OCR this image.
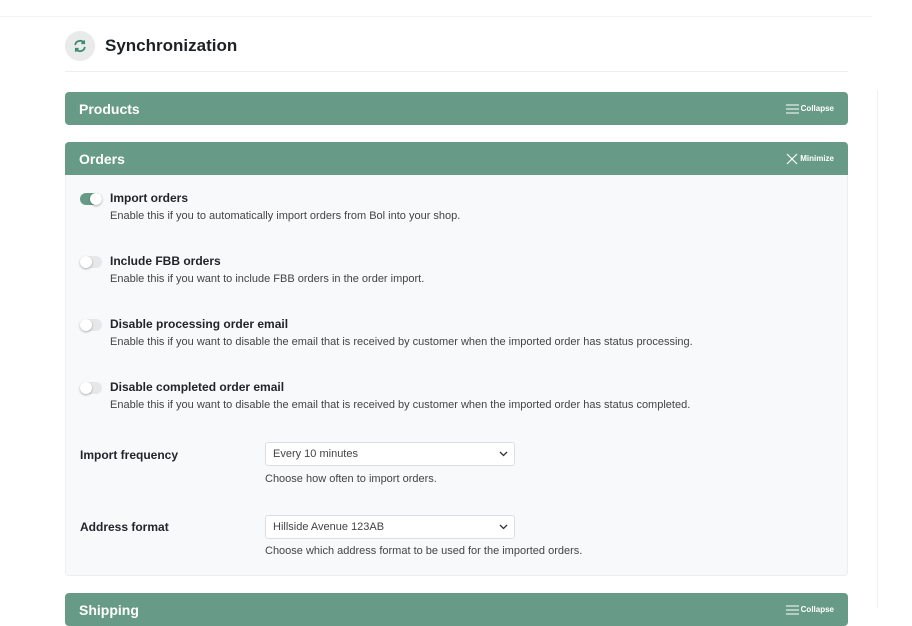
Synchronization
Products	Collapse
Orders	Minimize
Import orders
Enable this if you to automatically import orders from Bol into your shop.
Include FBB orders
Enable this if you want to include FBB orders in the order import.
Disable processing order email
Enable this if you want to disable the email that is received by customer when the imported order has status processing.
Disable completed order email
Enable this if you want to disable the email that is received by customer when the imported order has status completed.
Import frequency	Every 10 minutes
Choose how often to import orders.
Address format	Hillside Avenue 123AB
Choose which address format to be used for the imported orders.
Shipping	Collapse
